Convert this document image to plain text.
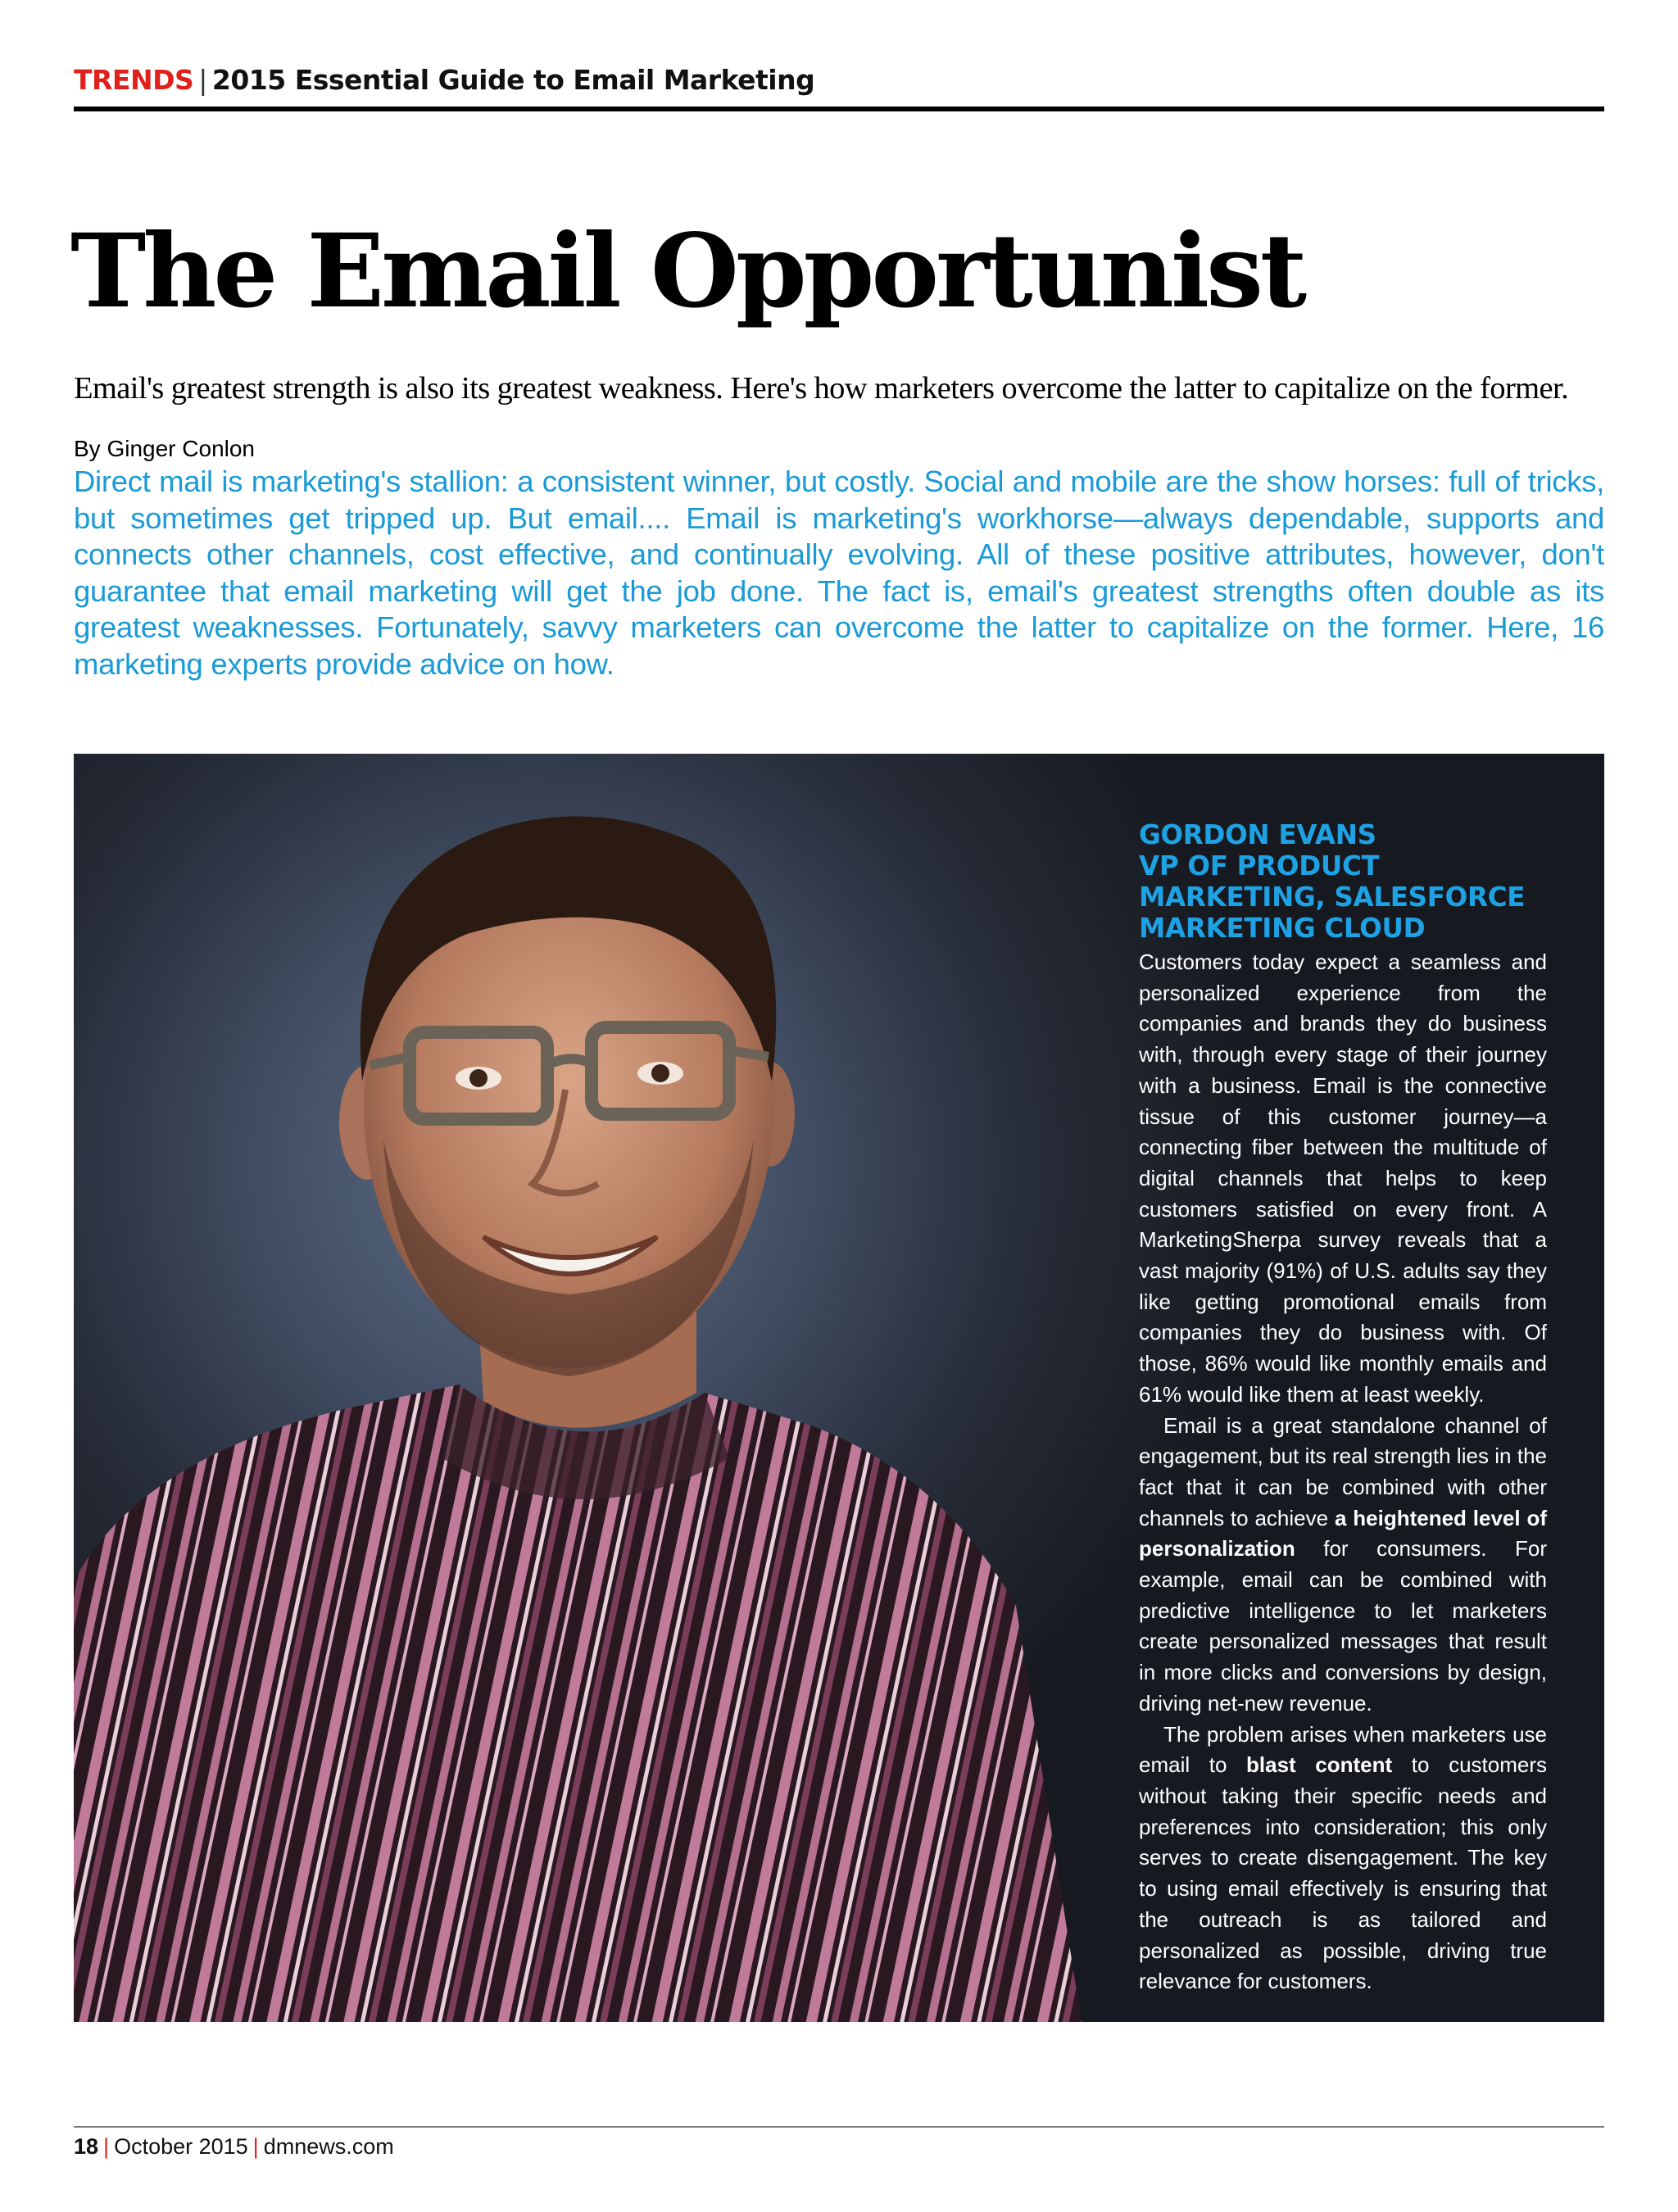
TRENDS | 2015 Essential Guide to Email Marketing
The Email Opportunist
Email's greatest strength is also its greatest weakness. Here's how marketers overcome the latter to capitalize on the former.
By Ginger Conlon
Direct mail is marketing's stallion: a consistent winner, but costly. Social and mobile are the show horses: full of tricks, but sometimes get tripped up. But email.... Email is marketing's workhorse—always dependable, supports and connects other channels, cost effective, and continually evolving. All of these positive attributes, however, don't guarantee that email marketing will get the job done. The fact is, email's greatest strengths often double as its greatest weaknesses. Fortunately, savvy marketers can overcome the latter to capitalize on the former. Here, 16 marketing experts provide advice on how.
GORDON EVANS
VP OF PRODUCT
MARKETING, SALESFORCE
MARKETING CLOUD

Customers today expect a seamless and personalized experience from the companies and brands they do business with, through every stage of their journey with a business. Email is the connective tissue of this customer journey—a connecting fiber between the multitude of digital channels that helps to keep customers satisfied on every front. A MarketingSherpa survey reveals that a vast majority (91%) of U.S. adults say they like getting promotional emails from companies they do business with. Of those, 86% would like monthly emails and 61% would like them at least weekly.

Email is a great standalone channel of engagement, but its real strength lies in the fact that it can be combined with other channels to achieve a heightened level of personalization for consumers. For example, email can be combined with predictive intelligence to let marketers create personalized messages that result in more clicks and conversions by design, driving net-new revenue.

The problem arises when marketers use email to blast content to customers without taking their specific needs and preferences into consideration; this only serves to create disengagement. The key to using email effectively is ensuring that the outreach is as tailored and personalized as possible, driving true relevance for customers.

18 | October 2015 | dmnews.com
